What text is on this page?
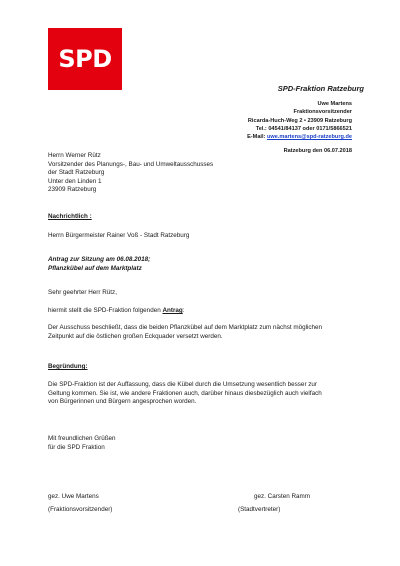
SPD
SPD-Fraktion Ratzeburg
Uwe Martens
Fraktionsvorsitzender
Ricarda-Huch-Weg 2 • 23909 Ratzeburg
Tel.: 04541/84137 oder 0171/5866521
E-Mail: uwe.martens@spd-ratzeburg.de
Ratzeburg den 06.07.2018
Herrn Werner Rütz
Vorsitzender des Planungs-, Bau- und Umweltausschusses
der Stadt Ratzeburg
Unter den Linden 1
23909 Ratzeburg
Nachrichtlich :
Herrn Bürgermeister Rainer Voß - Stadt Ratzeburg
Antrag zur Sitzung am 06.08.2018;
Pflanzkübel auf dem Marktplatz
Sehr geehrter Herr Rütz,
hiermit stellt die SPD-Fraktion folgenden Antrag:
Der Ausschuss beschließt, dass die beiden Pflanzkübel auf dem Marktplatz zum nächst möglichen
Zeitpunkt auf die östlichen großen Eckquader versetzt werden.
Begründung:
Die SPD-Fraktion ist der Auffassung, dass die Kübel durch die Umsetzung wesentlich besser zur
Geltung kommen. Sie ist, wie andere Fraktionen auch, darüber hinaus diesbezüglich auch vielfach
von Bürgerinnen und Bürgern angesprochen worden.
Mit freundlichen Grüßen
für die SPD Fraktion
gez. Uwe Martens	gez. Carsten Ramm
(Fraktionsvorsitzender)	(Stadtvertreter)
